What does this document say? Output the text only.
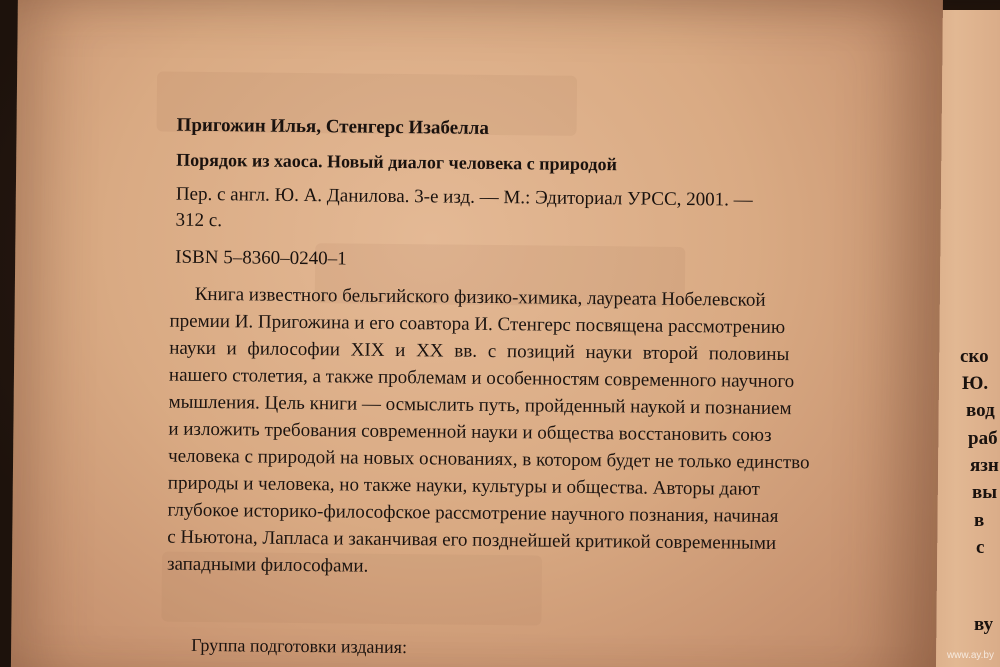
ско
Ю.
вод
раб
язн
вы
в
с
ву
Пригожин Илья, Стенгерс Изабелла
Порядок из хаоса. Новый диалог человека с природой
Пер. с англ. Ю. А. Данилова. 3-е изд. — М.: Эдиториал УРСС, 2001. —
312 с.
ISBN 5–8360–0240–1
Книга известного бельгийского физико-химика, лауреата Нобелевской
премии И. Пригожина и его соавтора И. Стенгерс посвящена рассмотрению
науки и философии XIX и XX вв. с позиций науки второй половины
нашего столетия, а также проблемам и особенностям современного научного
мышления. Цель книги — осмыслить путь, пройденный наукой и познанием
и изложить требования современной науки и общества восстановить союз
человека с природой на новых основаниях, в котором будет не только единство
природы и человека, но также науки, культуры и общества. Авторы дают
глубокое историко-философское рассмотрение научного познания, начиная
с Ньютона, Лапласа и заканчивая его позднейшей критикой современными
западными философами.
Группа подготовки издания:	www.ay.by
